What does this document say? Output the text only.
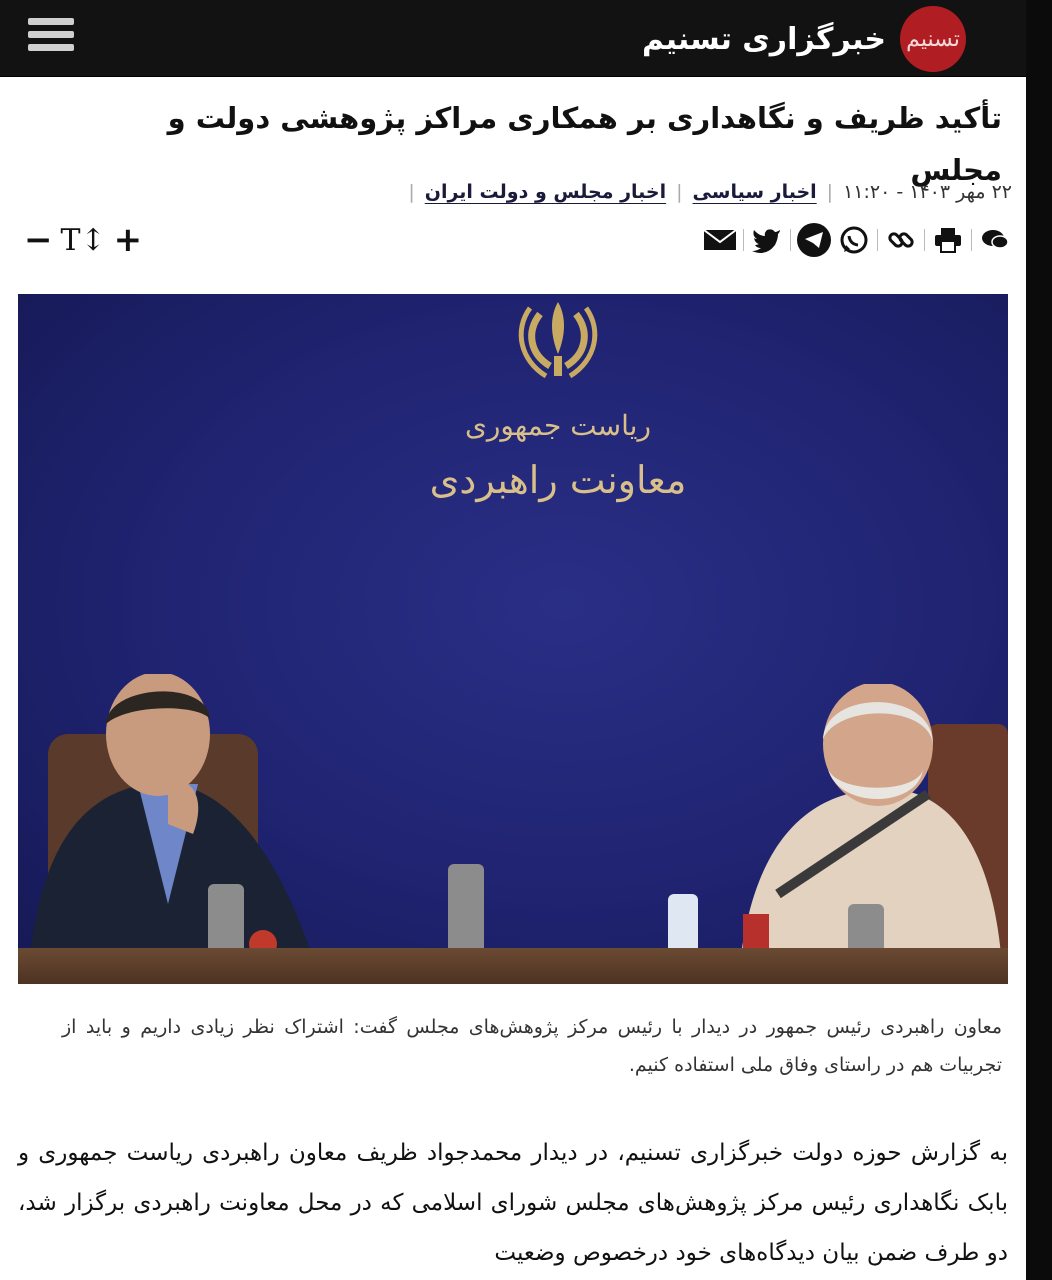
تسنیم
خبرگزاری تسنیم
تأکید ظریف و نگاهداری بر همکاری مراکز پژوهشی دولت و مجلس
۲۲ مهر ۱۴۰۳ - ۱۱:۲۰
|
اخبار سیاسی
|
اخبار مجلس و دولت ایران
|
− T↕ +
ریاست جمهوری
معاونت راهبردی

معاون راهبردی رئیس جمهور در دیدار با رئیس مرکز پژوهش‌های مجلس گفت: اشتراک نظر زیادی داریم و باید از تجربیات هم در راستای وفاق ملی استفاده کنیم.

به گزارش حوزه دولت خبرگزاری تسنیم، در دیدار محمدجواد ظریف معاون راهبردی ریاست جمهوری و بابک نگاهداری رئیس مرکز پژوهش‌های مجلس شورای اسلامی که در محل معاونت راهبردی برگزار شد، دو طرف ضمن بیان دیدگاه‌های خود درخصوص وضعیت
